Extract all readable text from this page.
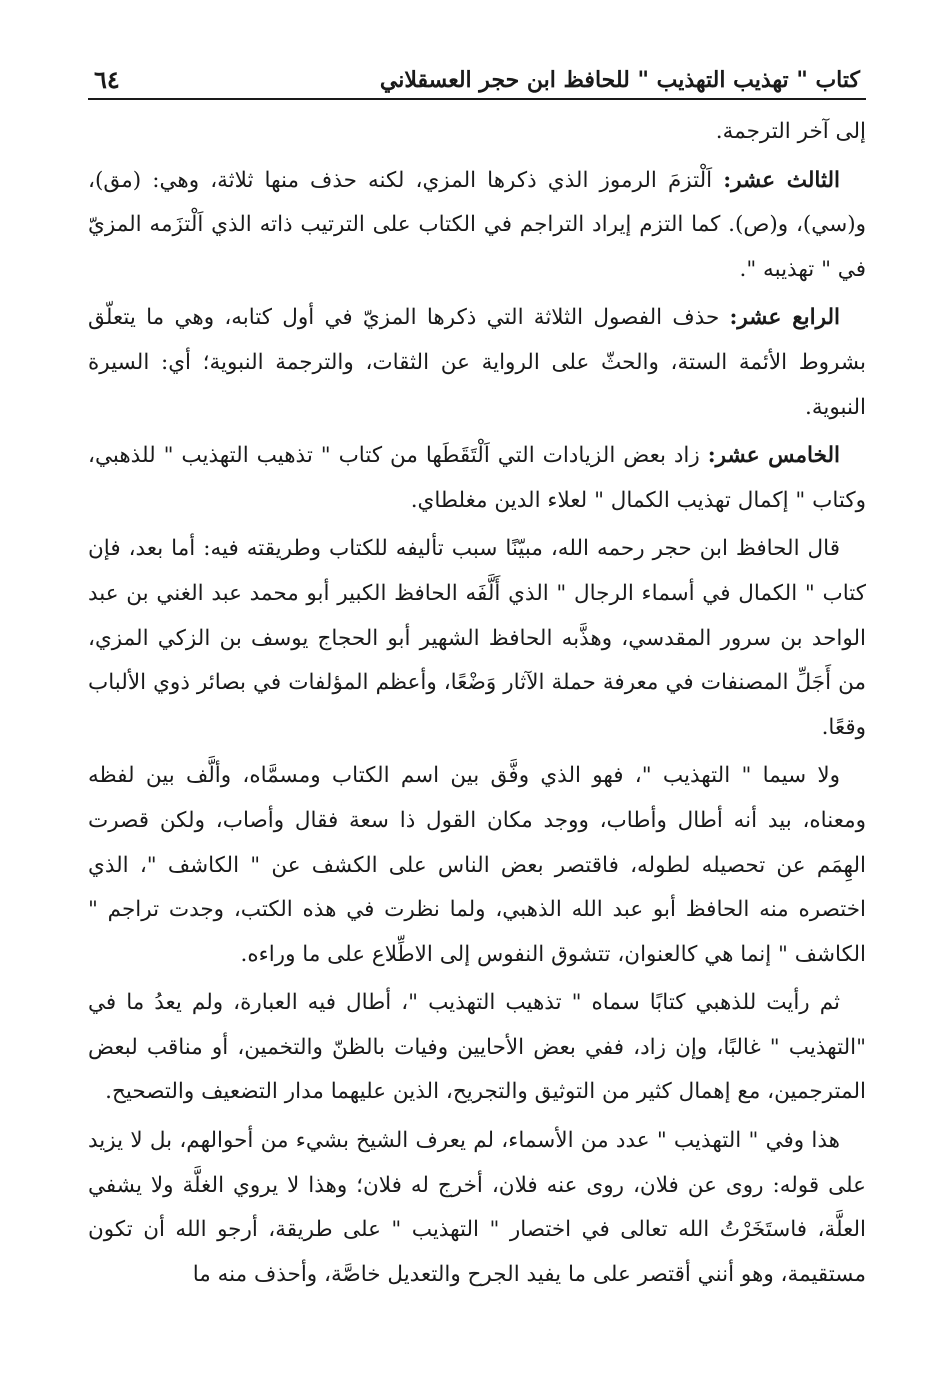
كتاب " تهذيب التهذيب " للحافظ ابن حجر العسقلاني
٦٤

إلى آخر الترجمة.

الثالث عشر: اَلْتزمَ الرموز الذي ذكرها المزي، لكنه حذف منها ثلاثة، وهي: (مق)، و(سي)، و(ص). كما التزم إيراد التراجم في الكتاب على الترتيب ذاته الذي اَلْتزَمه المزيّ في " تهذيبه ".

الرابع عشر: حذف الفصول الثلاثة التي ذكرها المزيّ في أول كتابه، وهي ما يتعلّق بشروط الأئمة الستة، والحثّ على الرواية عن الثقات، والترجمة النبوية؛ أي: السيرة النبوية.

الخامس عشر: زاد بعض الزيادات التي اَلْتَقَطَها من كتاب " تذهيب التهذيب " للذهبي، وكتاب " إكمال تهذيب الكمال " لعلاء الدين مغلطاي.

قال الحافظ ابن حجر رحمه الله، مبيّنًا سبب تأليفه للكتاب وطريقته فيه: أما بعد، فإن كتاب " الكمال في أسماء الرجال " الذي أَلَّفَه الحافظ الكبير أبو محمد عبد الغني بن عبد الواحد بن سرور المقدسي، وهذَّبه الحافظ الشهير أبو الحجاج يوسف بن الزكي المزي، من أَجَلِّ المصنفات في معرفة حملة الآثار وَضْعًا، وأعظم المؤلفات في بصائر ذوي الألباب وقعًا.

ولا سيما " التهذيب "، فهو الذي وفَّق بين اسم الكتاب ومسمَّاه، وألَّف بين لفظه ومعناه، بيد أنه أطال وأطاب، ووجد مكان القول ذا سعة فقال وأصاب، ولكن قصرت الهِمَم عن تحصيله لطوله، فاقتصر بعض الناس على الكشف عن " الكاشف "، الذي اختصره منه الحافظ أبو عبد الله الذهبي، ولما نظرت في هذه الكتب، وجدت تراجم " الكاشف " إنما هي كالعنوان، تتشوق النفوس إلى الاطِّلاع على ما وراءه.

ثم رأيت للذهبي كتابًا سماه " تذهيب التهذيب "، أطال فيه العبارة، ولم يعدُ ما في "التهذيب " غالبًا، وإن زاد، ففي بعض الأحايين وفيات بالظنّ والتخمين، أو مناقب لبعض المترجمين، مع إهمال كثير من التوثيق والتجريح، الذين عليهما مدار التضعيف والتصحيح.

هذا وفي " التهذيب " عدد من الأسماء، لم يعرف الشيخ بشيء من أحوالهم، بل لا يزيد على قوله: روى عن فلان، روى عنه فلان، أخرج له فلان؛ وهذا لا يروي الغلَّة ولا يشفي العلَّة، فاستَخَرْتُ الله تعالى في اختصار " التهذيب " على طريقة، أرجو الله أن تكون مستقيمة، وهو أنني أقتصر على ما يفيد الجرح والتعديل خاصَّة، وأحذف منه ما
